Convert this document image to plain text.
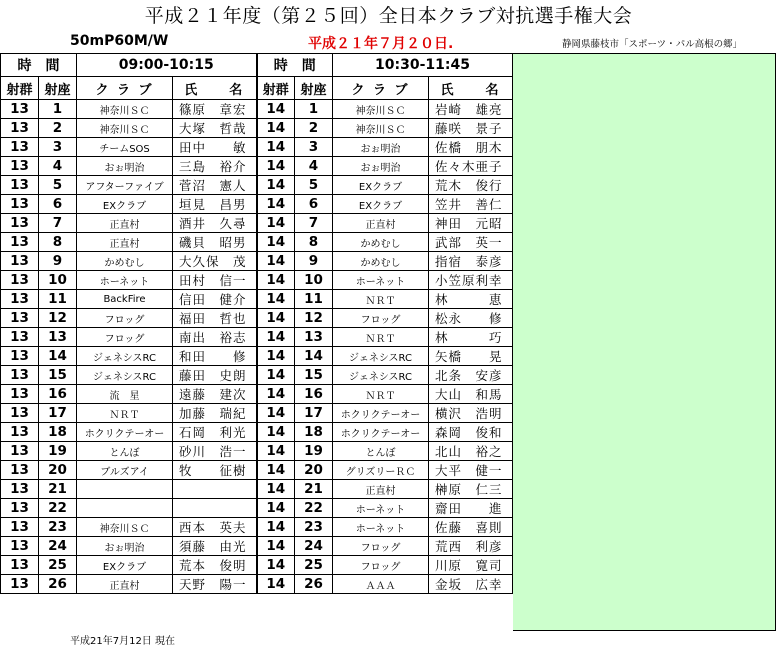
平成２１年度（第２５回）全日本クラブ対抗選手権大会
50mP60M/W	平成２１年７月２０日.	静岡県藤枝市「スポーツ・パル高根の郷」
時　間		09:00-10:15		時　間		10:30-11:45	
射群	射座	ク ラ ブ	氏　　名	射群	射座	ク ラ ブ	氏　　名
13	1	神奈川ＳＣ	篠原　章宏	14	1	神奈川ＳＣ	岩崎　雄亮
13	2	神奈川ＳＣ	大塚　哲哉	14	2	神奈川ＳＣ	藤咲　景子
13	3	チームSOS	田中　　敏	14	3	おぉ明治	佐橋　朋木
13	4	おぉ明治	三島　裕介	14	4	おぉ明治	佐々木亜子
13	5	アフターファイブ	菅沼　憲人	14	5	EXクラブ	荒木　俊行
13	6	EXクラブ	垣見　昌男	14	6	EXクラブ	笠井　善仁
13	7	正直村	酒井　久尋	14	7	正直村	神田　元昭
13	8	正直村	磯貝　昭男	14	8	かめむし	武部　英一
13	9	かめむし	大久保　茂	14	9	かめむし	指宿　泰彦
13	10	ホーネット	田村　信一	14	10	ホーネット	小笠原利幸
13	11	BackFire	信田　健介	14	11	ＮＲＴ	林　　　恵
13	12	フロッグ	福田　哲也	14	12	フロッグ	松永　　修
13	13	フロッグ	南出　裕志	14	13	ＮＲＴ	林　　　巧
13	14	ジェネシスRC	和田　　修	14	14	ジェネシスRC	矢橋　　晃
13	15	ジェネシスRC	藤田　史朗	14	15	ジェネシスRC	北条　安彦
13	16	流　星	遠藤　建次	14	16	ＮＲＴ	大山　和馬
13	17	ＮＲＴ	加藤　瑞紀	14	17	ホクリクテーオー	横沢　浩明
13	18	ホクリクテーオー	石岡　利光	14	18	ホクリクテーオー	森岡　俊和
13	19	とんぼ	砂川　浩一	14	19	とんぼ	北山　裕之
13	20	ブルズアイ	牧　　征樹	14	20	グリズリーＲＣ	大平　健一
13	21			14	21	正直村	榊原　仁三
13	22			14	22	ホーネット	齋田　　進
13	23	神奈川ＳＣ	西本　英夫	14	23	ホーネット	佐藤　喜則
13	24	おぉ明治	須藤　由光	14	24	フロッグ	荒西　利彦
13	25	EXクラブ	荒本　俊明	14	25	フロッグ	川原　寛司
13	26	正直村	天野　陽一	14	26	ＡＡＡ	金坂　広幸
平成21年7月12日 現在
